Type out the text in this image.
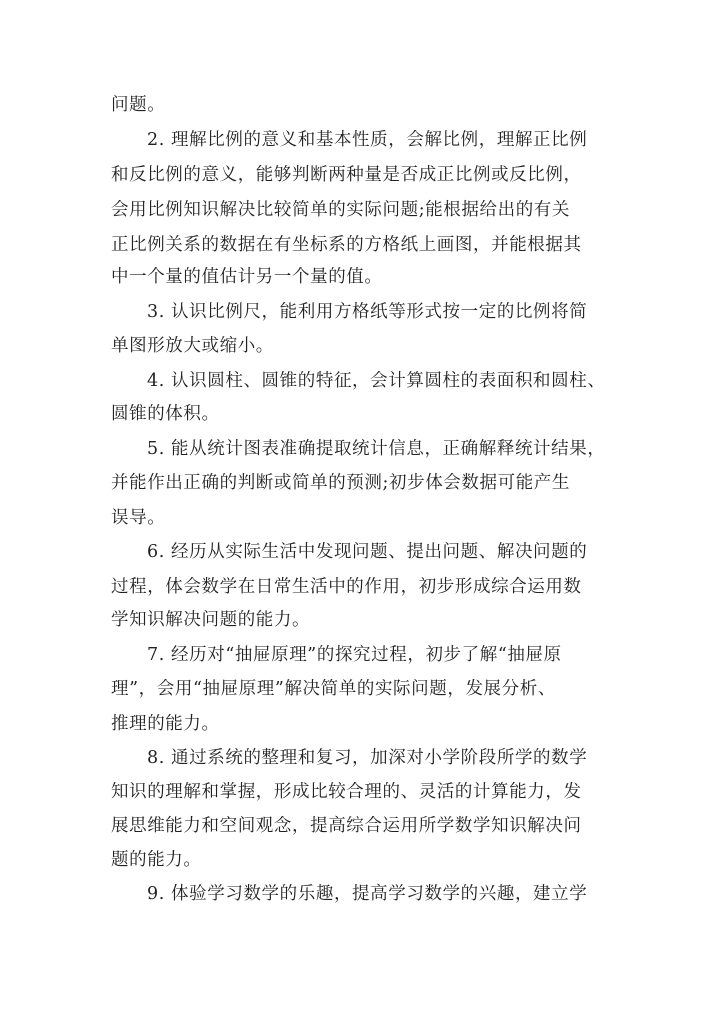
问题。
2. 理解比例的意义和基本性质，会解比例，理解正比例
和反比例的意义，能够判断两种量是否成正比例或反比例，
会用比例知识解决比较简单的实际问题;能根据给出的有关
正比例关系的数据在有坐标系的方格纸上画图，并能根据其
中一个量的值估计另一个量的值。
3. 认识比例尺，能利用方格纸等形式按一定的比例将简
单图形放大或缩小。
4. 认识圆柱、圆锥的特征，会计算圆柱的表面积和圆柱、
圆锥的体积。
5. 能从统计图表准确提取统计信息，正确解释统计结果，
并能作出正确的判断或简单的预测;初步体会数据可能产生
误导。
6. 经历从实际生活中发现问题、提出问题、解决问题的
过程，体会数学在日常生活中的作用，初步形成综合运用数
学知识解决问题的能力。
7. 经历对“抽屉原理”的探究过程，初步了解“抽屉原
理”，会用“抽屉原理”解决简单的实际问题，发展分析、
推理的能力。
8. 通过系统的整理和复习，加深对小学阶段所学的数学
知识的理解和掌握，形成比较合理的、灵活的计算能力，发
展思维能力和空间观念，提高综合运用所学数学知识解决问
题的能力。
9. 体验学习数学的乐趣，提高学习数学的兴趣，建立学
